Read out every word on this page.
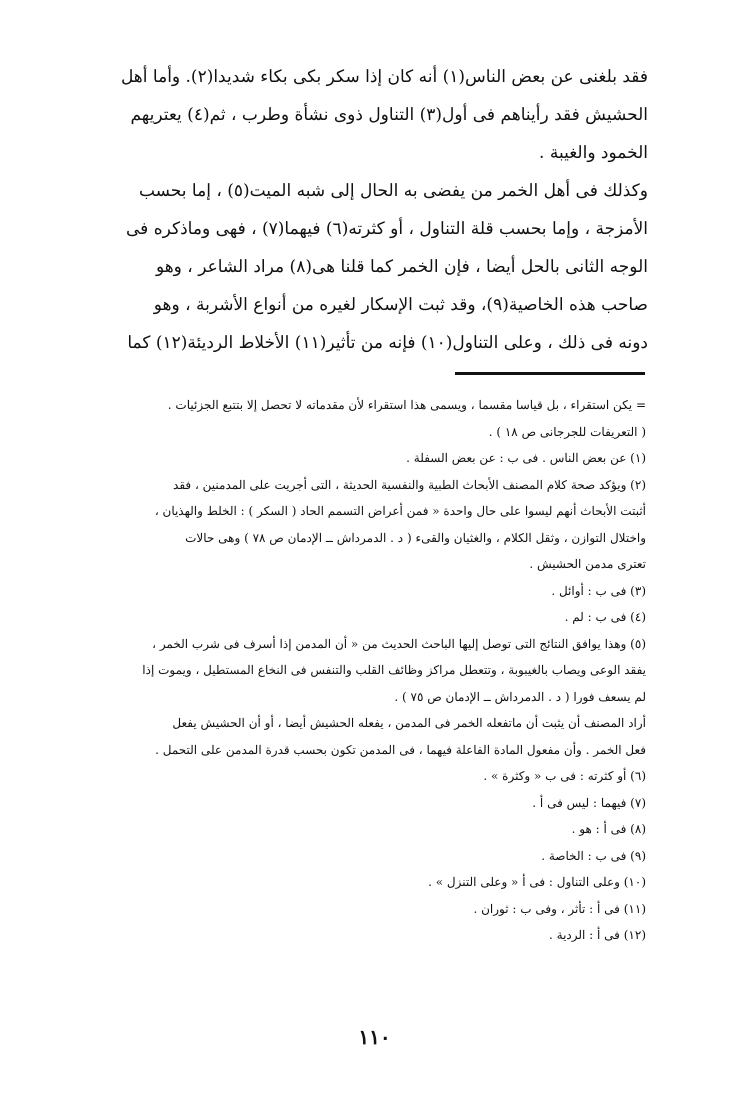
فقد بلغنى عن بعض الناس(١) أنه كان إذا سكر بكى بكاء شديدا(٢). وأما أهل
الحشيش فقد رأيناهم فى أول(٣) التناول ذوى نشأة وطرب ، ثم(٤) يعتريهم
الخمود والغيبة .
وكذلك فى أهل الخمر من يفضى به الحال إلى شبه الميت(٥) ، إما بحسب
الأمزجة ، وإما بحسب قلة التناول ، أو كثرته(٦) فيهما(٧) ، فهى وماذكره فى
الوجه الثانى بالحل أيضا ، فإن الخمر كما قلنا هى(٨) مراد الشاعر ، وهو
صاحب هذه الخاصية(٩)، وقد ثبت الإسكار لغيره من أنواع الأشربة ، وهو
دونه فى ذلك ، وعلى التناول(١٠) فإنه من تأثير(١١) الأخلاط الرديئة(١٢) كما
= يكن استقراء ، بل قياسا مقسما ، ويسمى هذا استقراء لأن مقدماته لا تحصل إلا بتتبع الجزئيات .
( التعريفات للجرجانى ص ١٨ ) .
(١) عن بعض الناس . فى ب : عن بعض السفلة .
(٢) ويؤكد صحة كلام المصنف الأبحاث الطبية والنفسية الحديثة ، التى أجريت على المدمنين ، فقد
أثبتت الأبحاث أنهم ليسوا على حال واحدة « فمن أعراض التسمم الحاد ( السكر ) : الخلط والهذيان ،
واختلال التوازن ، وثقل الكلام ، والغثيان والقىء ( د . الدمرداش ــ الإدمان ص ٧٨ ) وهى حالات
تعترى مدمن الحشيش .
(٣) فى ب : أوائل .
(٤) فى ب : لم .
(٥) وهذا يوافق النتائج التى توصل إليها الباحث الحديث من « أن المدمن إذا أسرف فى شرب الخمر ،
يفقد الوعى ويصاب بالغيبوبة ، وتتعطل مراكز وظائف القلب والتنفس فى النخاع المستطيل ، ويموت إذا
لم يسعف فورا ( د . الدمرداش ــ الإدمان ص ٧٥ ) .
أراد المصنف أن يثبت أن ماتفعله الخمر فى المدمن ، يفعله الحشيش أيضا ، أو أن الحشيش يفعل
فعل الخمر . وأن مفعول المادة الفاعلة فيهما ، فى المدمن تكون بحسب قدرة المدمن على التحمل .
(٦) أو كثرته : فى ب « وكثرة » .
(٧) فيهما : ليس فى أ .
(٨) فى أ : هو .
(٩) فى ب : الخاصة .
(١٠) وعلى التناول : فى أ « وعلى التنزل » .
(١١) فى أ : تأثر ، وفى ب : ثوران .
(١٢) فى أ : الردية .
١١٠
